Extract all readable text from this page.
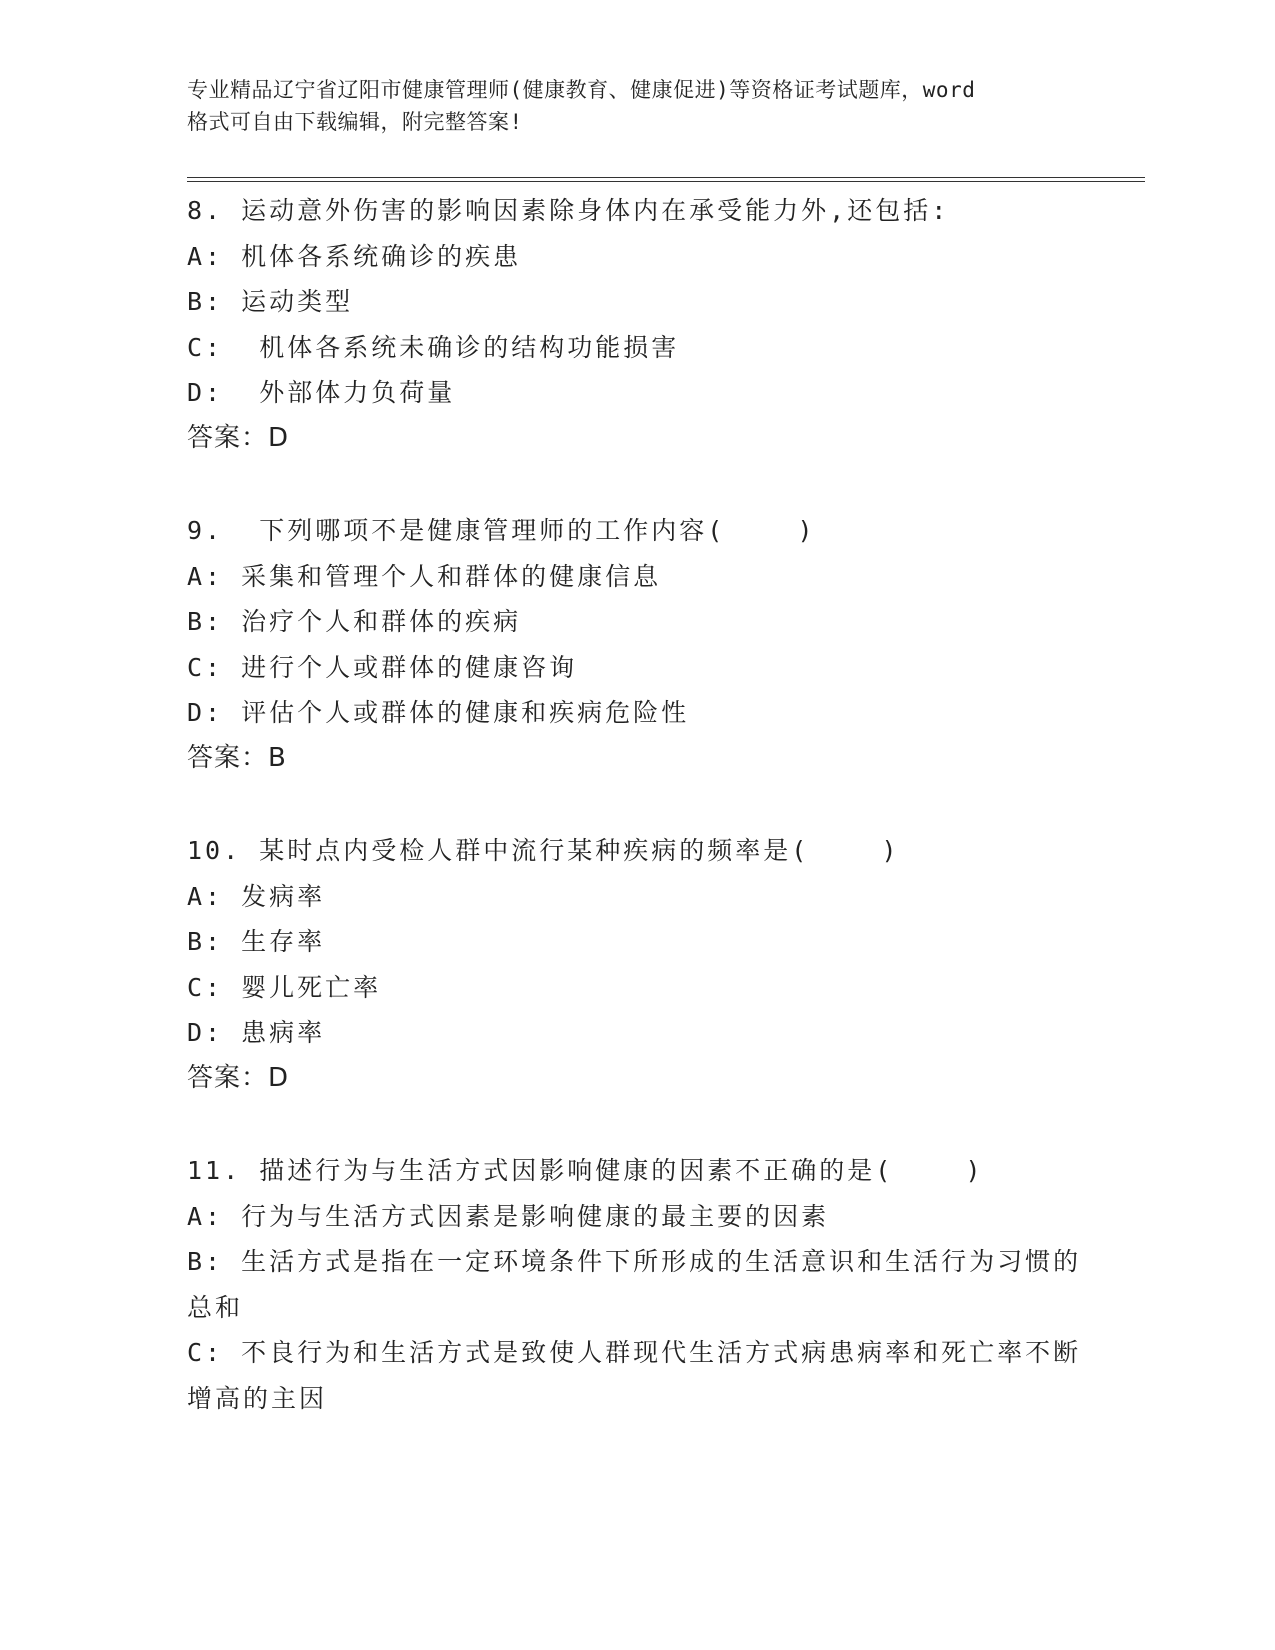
专业精品辽宁省辽阳市健康管理师(健康教育、健康促进)等资格证考试题库，word
格式可自由下载编辑，附完整答案!
8. 运动意外伤害的影响因素除身体内在承受能力外,还包括:
A: 机体各系统确诊的疾患
B: 运动类型
C:  机体各系统未确诊的结构功能损害
D:  外部体力负荷量
答案：D
9.  下列哪项不是健康管理师的工作内容(    )
A: 采集和管理个人和群体的健康信息
B: 治疗个人和群体的疾病
C: 进行个人或群体的健康咨询
D: 评估个人或群体的健康和疾病危险性
答案：B
10. 某时点内受检人群中流行某种疾病的频率是(    )
A: 发病率
B: 生存率
C: 婴儿死亡率
D: 患病率
答案：D
11. 描述行为与生活方式因影响健康的因素不正确的是(    )
A: 行为与生活方式因素是影响健康的最主要的因素
B: 生活方式是指在一定环境条件下所形成的生活意识和生活行为习惯的总和
C: 不良行为和生活方式是致使人群现代生活方式病患病率和死亡率不断增高的主因
